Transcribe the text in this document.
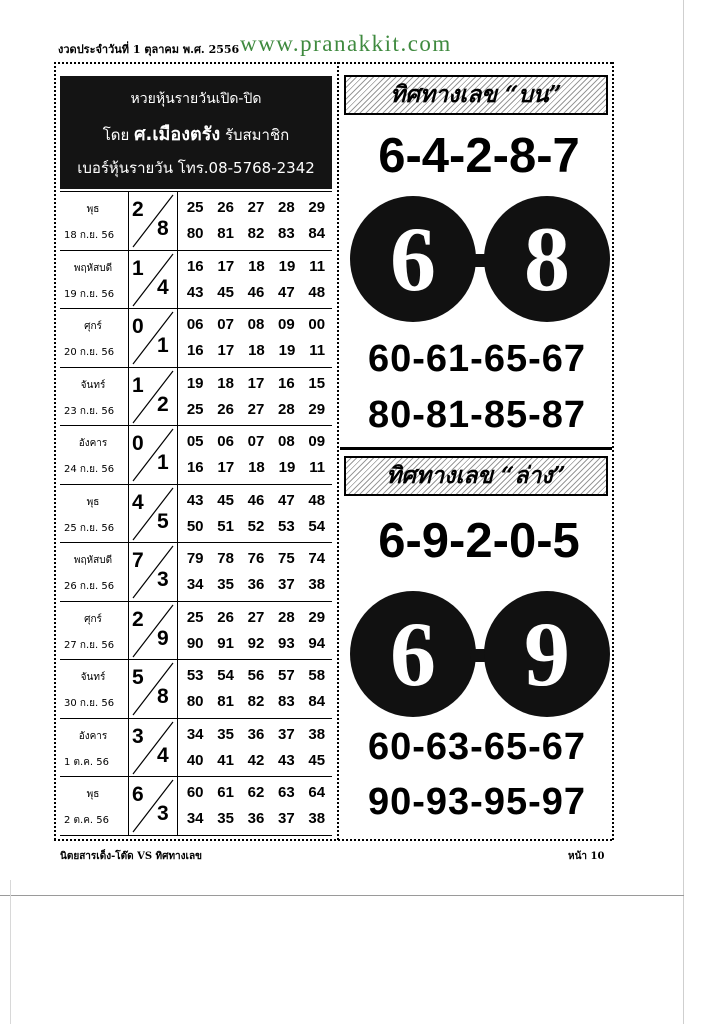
งวดประจำวันที่ 1 ตุลาคม พ.ศ. 2556 www.pranakkit.com
หวยหุ้นรายวันเปิด-ปิด
โดย ศ.เมืองตรัง รับสมาชิก
เบอร์หุ้นรายวัน โทร.08-5768-2342
พุธ
18 ก.ย. 56
2
8
25 26 27 28 29
80 81 82 83 84
พฤหัสบดี
19 ก.ย. 56
1
4
16 17 18 19 11
43 45 46 47 48
ศุกร์
20 ก.ย. 56
0
1
06 07 08 09 00
16 17 18 19 11
จันทร์
23 ก.ย. 56
1
2
19 18 17 16 15
25 26 27 28 29
อังคาร
24 ก.ย. 56
0
1
05 06 07 08 09
16 17 18 19 11
พุธ
25 ก.ย. 56
4
5
43 45 46 47 48
50 51 52 53 54
พฤหัสบดี
26 ก.ย. 56
7
3
79 78 76 75 74
34 35 36 37 38
ศุกร์
27 ก.ย. 56
2
9
25 26 27 28 29
90 91 92 93 94
จันทร์
30 ก.ย. 56
5
8
53 54 56 57 58
80 81 82 83 84
อังคาร
1 ต.ค. 56
3
4
34 35 36 37 38
40 41 42 43 45
พุธ
2 ต.ค. 56
6
3
60 61 62 63 64
34 35 36 37 38
ทิศทางเลข “บน”
6-4-2-8-7
6 8
60-61-65-67
80-81-85-87
ทิศทางเลข “ล่าง”
6-9-2-0-5
6 9
60-63-65-67
90-93-95-97
นิตยสารเด็ง-โต๊ด VS ทิศทางเลข	หน้า 10
